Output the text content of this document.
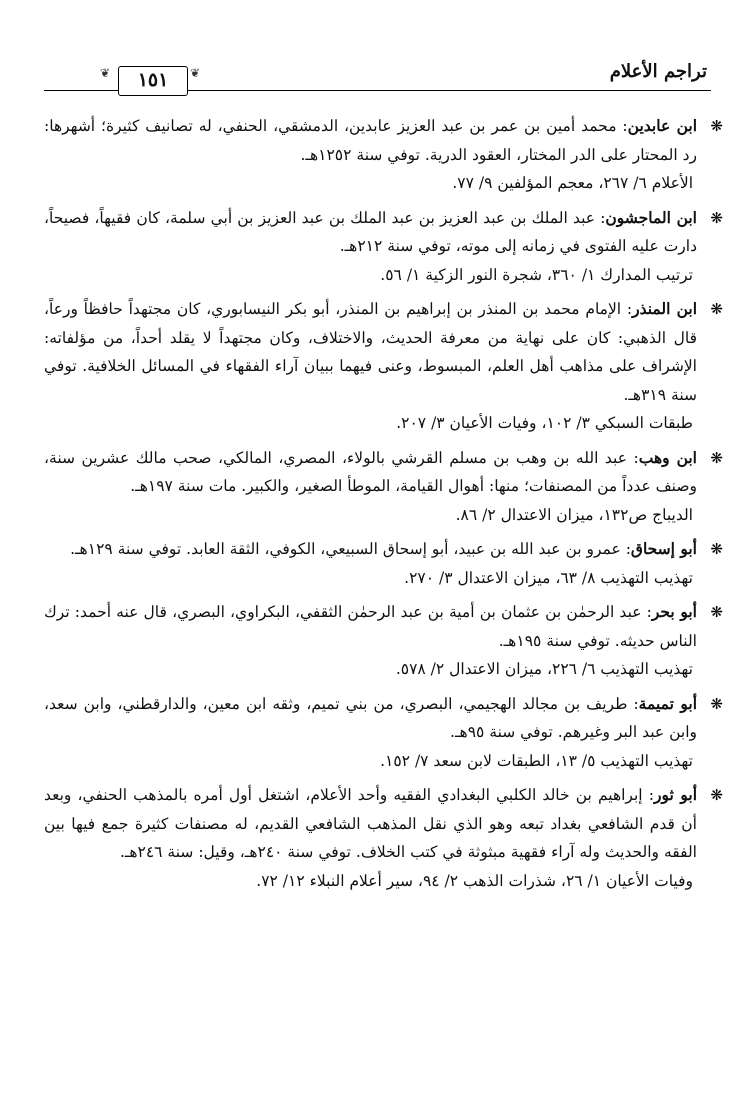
تراجم الأعلام
❦	١٥١	❦
❋
ابن عابدين: محمد أمين بن عمر بن عبد العزيز عابدين، الدمشقي، الحنفي، له تصانيف كثيرة؛ أشهرها: رد المحتار على الدر المختار، العقود الدرية. توفي سنة ١٢٥٢هـ.
الأعلام ٦/ ٢٦٧، معجم المؤلفين ٩/ ٧٧.
❋
ابن الماجشون: عبد الملك بن عبد العزيز بن عبد الملك بن عبد العزيز بن أبي سلمة، كان فقيهاً، فصيحاً، دارت عليه الفتوى في زمانه إلى موته، توفي سنة ٢١٢هـ.
ترتيب المدارك ١/ ٣٦٠، شجرة النور الزكية ١/ ٥٦.
❋
ابن المنذر: الإمام محمد بن المنذر بن إبراهيم بن المنذر، أبو بكر النيسابوري، كان مجتهداً حافظاً ورعاً، قال الذهبي: كان على نهاية من معرفة الحديث، والاختلاف، وكان مجتهداً لا يقلد أحداً، من مؤلفاته: الإشراف على مذاهب أهل العلم، المبسوط، وعنى فيهما ببيان آراء الفقهاء في المسائل الخلافية. توفي سنة ٣١٩هـ.
طبقات السبكي ٣/ ١٠٢، وفيات الأعيان ٣/ ٢٠٧.
❋
ابن وهب: عبد الله بن وهب بن مسلم القرشي بالولاء، المصري، المالكي، صحب مالك عشرين سنة، وصنف عدداً من المصنفات؛ منها: أهوال القيامة، الموطأ الصغير، والكبير. مات سنة ١٩٧هـ.
الديباج ص١٣٢، ميزان الاعتدال ٢/ ٨٦.
❋
أبو إسحاق: عمرو بن عبد الله بن عبيد، أبو إسحاق السبيعي، الكوفي، الثقة العابد. توفي سنة ١٢٩هـ.
تهذيب التهذيب ٨/ ٦٣، ميزان الاعتدال ٣/ ٢٧٠.
❋
أبو بحر: عبد الرحمٰن بن عثمان بن أمية بن عبد الرحمٰن الثقفي، البكراوي، البصري، قال عنه أحمد: ترك الناس حديثه. توفي سنة ١٩٥هـ.
تهذيب التهذيب ٦/ ٢٢٦، ميزان الاعتدال ٢/ ٥٧٨.
❋
أبو تميمة: طريف بن مجالد الهجيمي، البصري، من بني تميم، وثقه ابن معين، والدارقطني، وابن سعد، وابن عبد البر وغيرهم. توفي سنة ٩٥هـ.
تهذيب التهذيب ٥/ ١٣، الطبقات لابن سعد ٧/ ١٥٢.
❋
أبو ثور: إبراهيم بن خالد الكلبي البغدادي الفقيه وأحد الأعلام، اشتغل أول أمره بالمذهب الحنفي، وبعد أن قدم الشافعي بغداد تبعه وهو الذي نقل المذهب الشافعي القديم، له مصنفات كثيرة جمع فيها بين الفقه والحديث وله آراء فقهية مبثوثة في كتب الخلاف. توفي سنة ٢٤٠هـ، وقيل: سنة ٢٤٦هـ.
وفيات الأعيان ١/ ٢٦، شذرات الذهب ٢/ ٩٤، سير أعلام النبلاء ١٢/ ٧٢.
